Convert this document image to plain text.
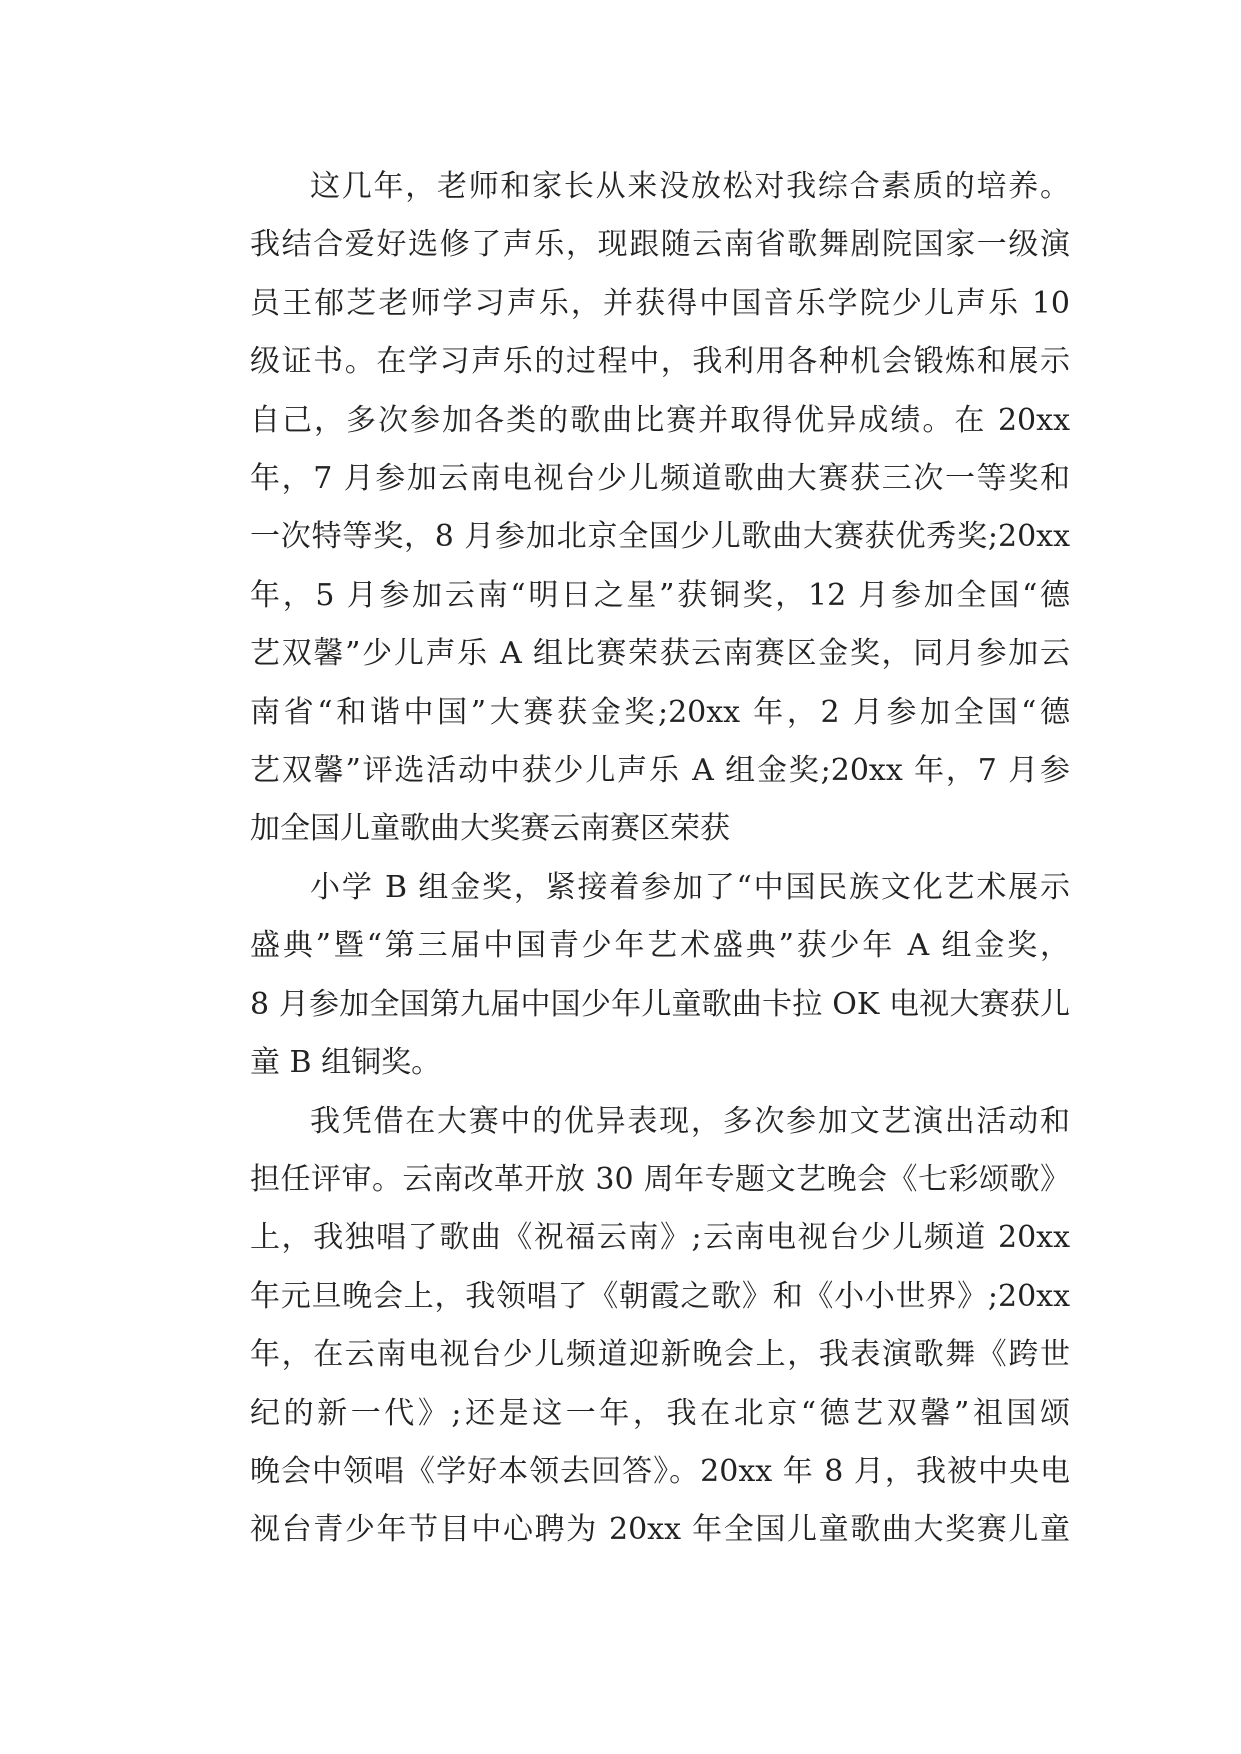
这几年，老师和家长从来没放松对我综合素质的培养。
我结合爱好选修了声乐，现跟随云南省歌舞剧院国家一级演
员王郁芝老师学习声乐，并获得中国音乐学院少儿声乐 10
级证书。在学习声乐的过程中，我利用各种机会锻炼和展示
自己，多次参加各类的歌曲比赛并取得优异成绩。在 20xx
年，7 月参加云南电视台少儿频道歌曲大赛获三次一等奖和
一次特等奖，8 月参加北京全国少儿歌曲大赛获优秀奖;20xx
年，5 月参加云南“明日之星”获铜奖，12 月参加全国“德
艺双馨”少儿声乐 A 组比赛荣获云南赛区金奖，同月参加云
南省“和谐中国”大赛获金奖;20xx 年，2 月参加全国“德
艺双馨”评选活动中获少儿声乐 A 组金奖;20xx 年，7 月参
加全国儿童歌曲大奖赛云南赛区荣获
小学 B 组金奖，紧接着参加了“中国民族文化艺术展示
盛典”暨“第三届中国青少年艺术盛典”获少年 A 组金奖，
8 月参加全国第九届中国少年儿童歌曲卡拉 OK 电视大赛获儿
童 B 组铜奖。
我凭借在大赛中的优异表现，多次参加文艺演出活动和
担任评审。云南改革开放 30 周年专题文艺晚会《七彩颂歌》
上，我独唱了歌曲《祝福云南》;云南电视台少儿频道 20xx
年元旦晚会上，我领唱了《朝霞之歌》和《小小世界》;20xx
年，在云南电视台少儿频道迎新晚会上，我表演歌舞《跨世
纪的新一代》;还是这一年，我在北京“德艺双馨”祖国颂
晚会中领唱《学好本领去回答》。20xx 年 8 月，我被中央电
视台青少年节目中心聘为 20xx 年全国儿童歌曲大奖赛儿童
